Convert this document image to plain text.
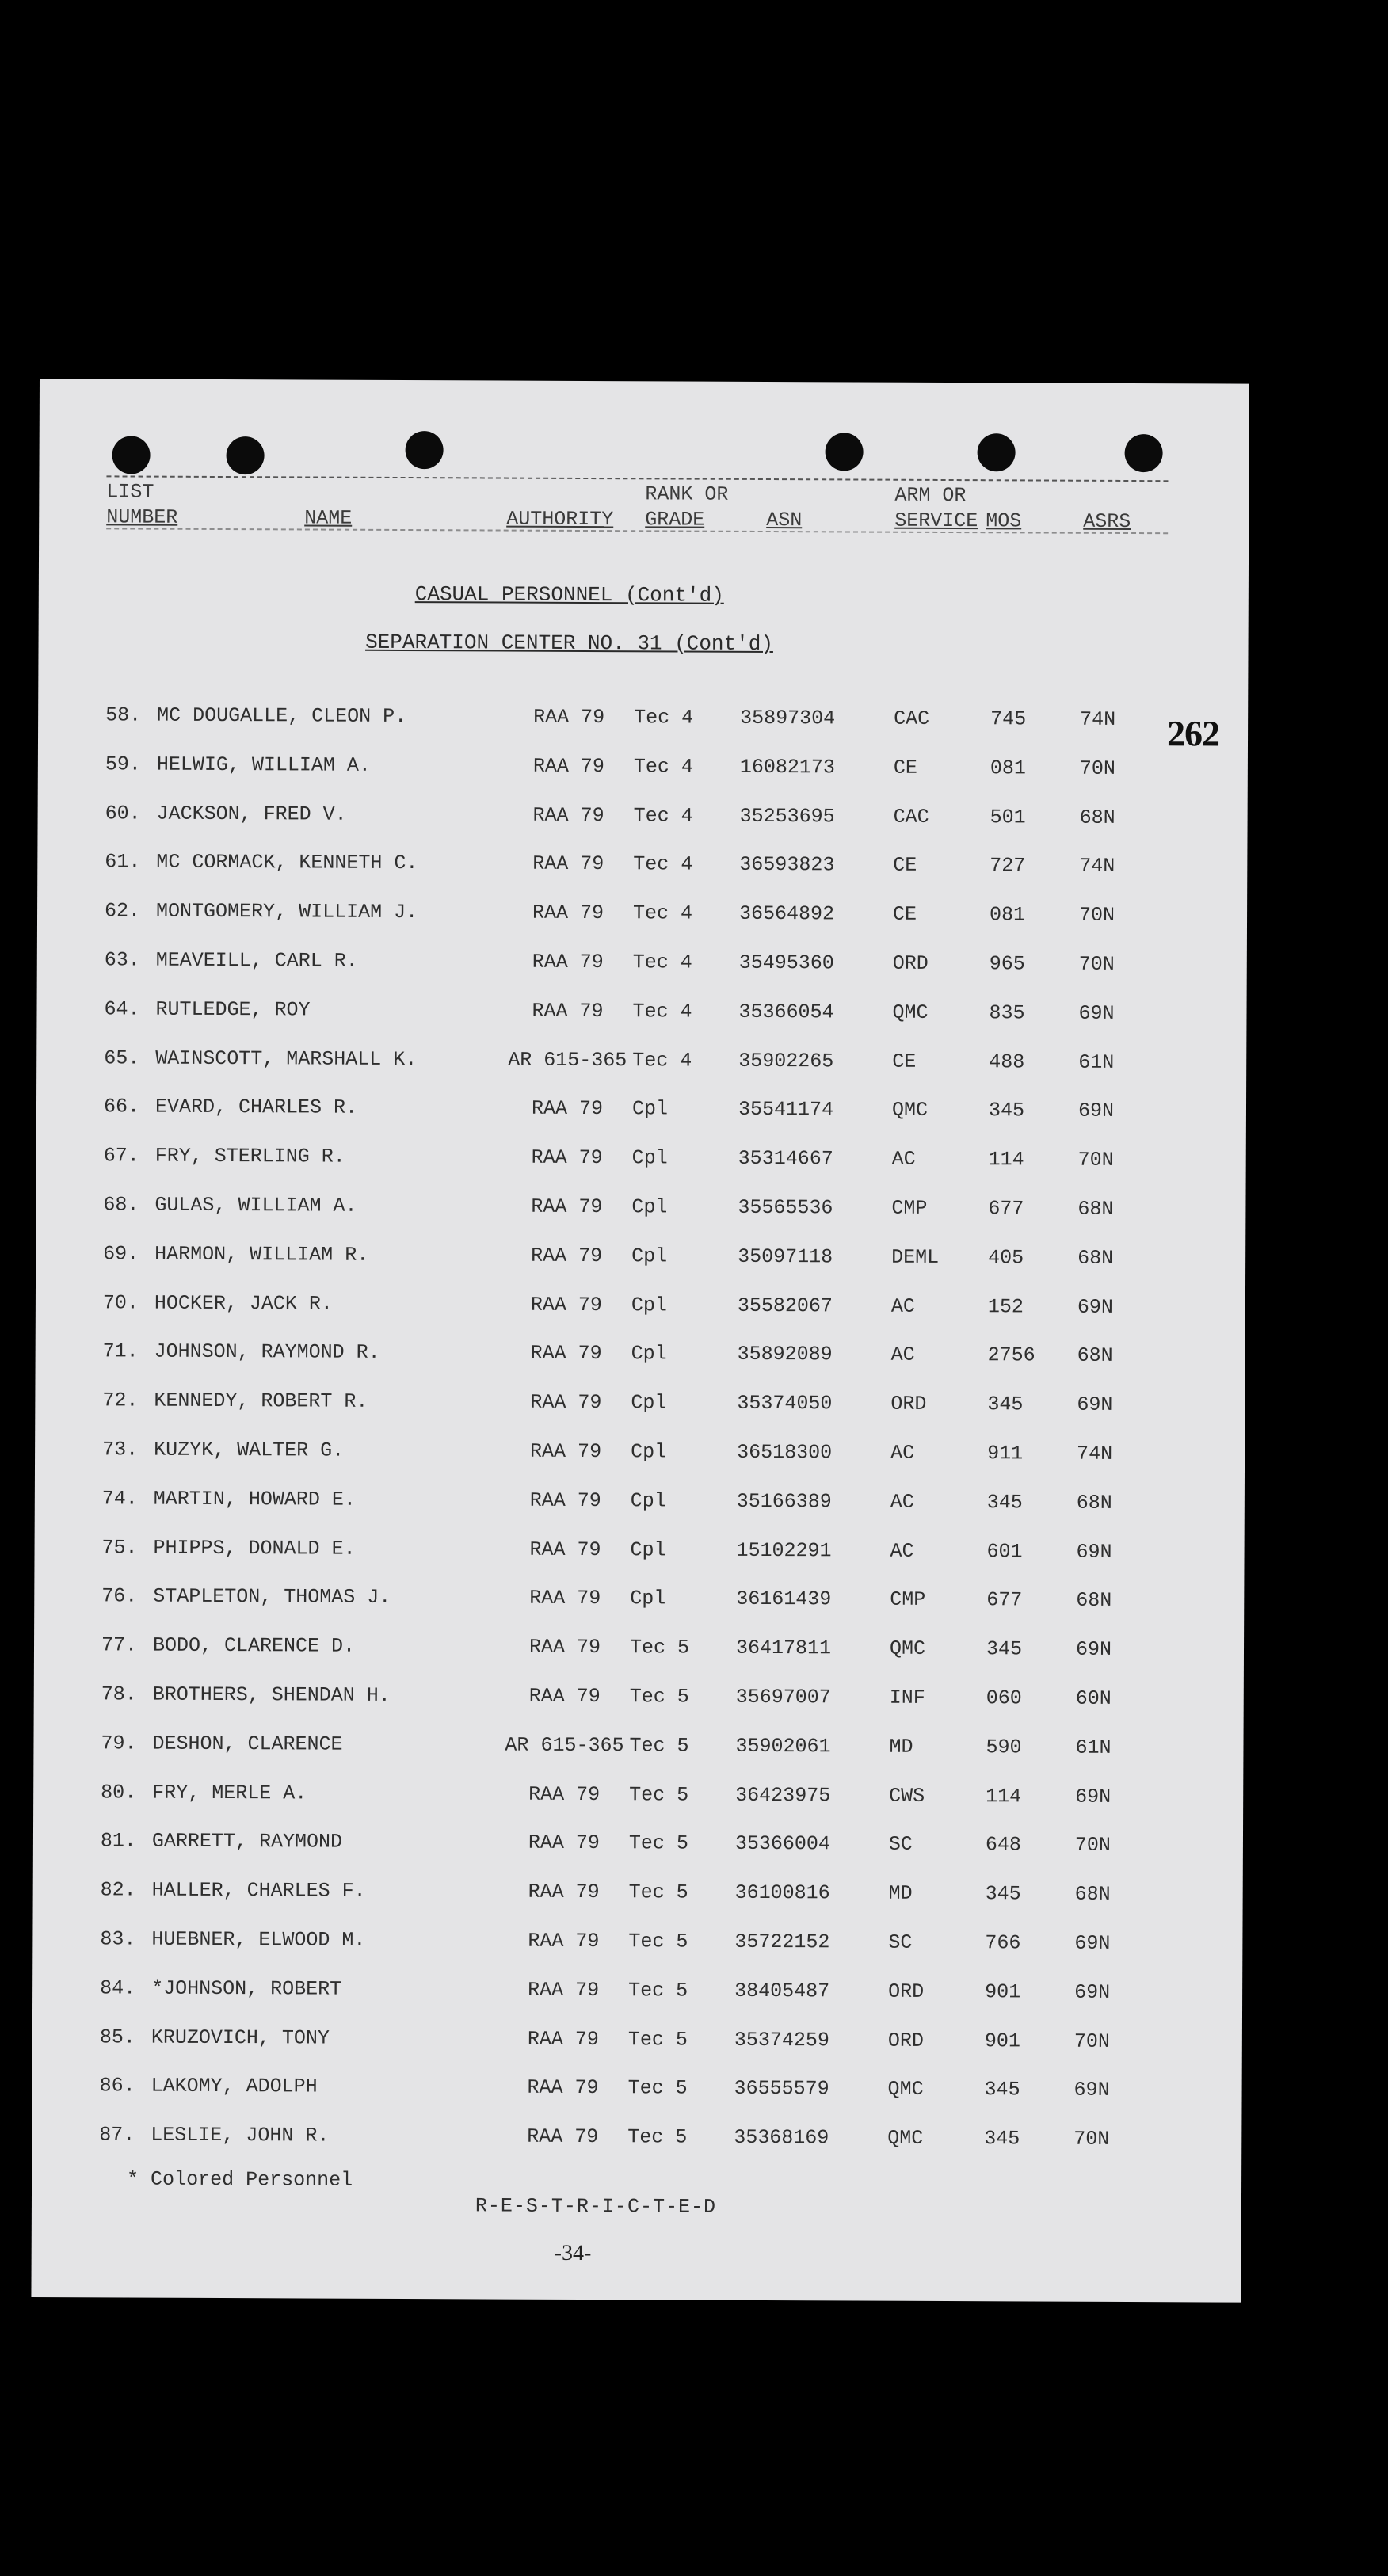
LIST
NUMBER	NAME	AUTHORITY
RANK OR
GRADE	ASN
ARM OR
SERVICE MOS	ASRS
CASUAL PERSONNEL (Cont'd)
SEPARATION CENTER NO. 31 (Cont'd)
262
58. MC DOUGALLE, CLEON P.	RAA 79	Tec 4 35897304	CAC	745	74N
59. HELWIG, WILLIAM A.	RAA 79	Tec 4 16082173	CE	081	70N
60. JACKSON, FRED V.	RAA 79	Tec 4 35253695	CAC	501	68N
61. MC CORMACK, KENNETH C.	RAA 79	Tec 4 36593823	CE	727	74N
62. MONTGOMERY, WILLIAM J.	RAA 79	Tec 4 36564892	CE	081	70N
63. MEAVEILL, CARL R.	RAA 79	Tec 4 35495360	ORD	965	70N
64. RUTLEDGE, ROY	RAA 79	Tec 4 35366054	QMC	835	69N
65. WAINSCOTT, MARSHALL K.	AR 615-365 Tec 4 35902265	CE	488	61N
66. EVARD, CHARLES R.	RAA 79	Cpl	35541174	QMC	345	69N
67. FRY, STERLING R.	RAA 79	Cpl	35314667	AC	114	70N
68. GULAS, WILLIAM A.	RAA 79	Cpl	35565536	CMP	677	68N
69. HARMON, WILLIAM R.	RAA 79	Cpl	35097118	DEML 405	68N
70. HOCKER, JACK R.	RAA 79	Cpl	35582067	AC	152	69N
71. JOHNSON, RAYMOND R.	RAA 79	Cpl	35892089	AC	2756 68N
72. KENNEDY, ROBERT R.	RAA 79	Cpl	35374050	ORD	345	69N
73. KUZYK, WALTER G.	RAA 79	Cpl	36518300	AC	911	74N
74. MARTIN, HOWARD E.	RAA 79	Cpl	35166389	AC	345	68N
75. PHIPPS, DONALD E.	RAA 79	Cpl	15102291	AC	601	69N
76. STAPLETON, THOMAS J.	RAA 79	Cpl	36161439	CMP	677	68N
77. BODO, CLARENCE D.	RAA 79	Tec 5 36417811	QMC	345	69N
78. BROTHERS, SHENDAN H.	RAA 79	Tec 5 35697007	INF	060	60N
79. DESHON, CLARENCE	AR 615-365 Tec 5 35902061	MD	590	61N
80. FRY, MERLE A.	RAA 79	Tec 5 36423975	CWS	114	69N
81. GARRETT, RAYMOND	RAA 79	Tec 5 35366004	SC	648	70N
82. HALLER, CHARLES F.	RAA 79	Tec 5 36100816	MD	345	68N
83. HUEBNER, ELWOOD M.	RAA 79	Tec 5 35722152	SC	766	69N
84. *JOHNSON, ROBERT	RAA 79	Tec 5 38405487	ORD	901	69N
85. KRUZOVICH, TONY	RAA 79	Tec 5 35374259	ORD	901	70N
86. LAKOMY, ADOLPH	RAA 79	Tec 5 36555579	QMC	345	69N
87. LESLIE, JOHN R.	RAA 79	Tec 5 35368169	QMC	345	70N
* Colored Personnel
R-E-S-T-R-I-C-T-E-D
-34-
